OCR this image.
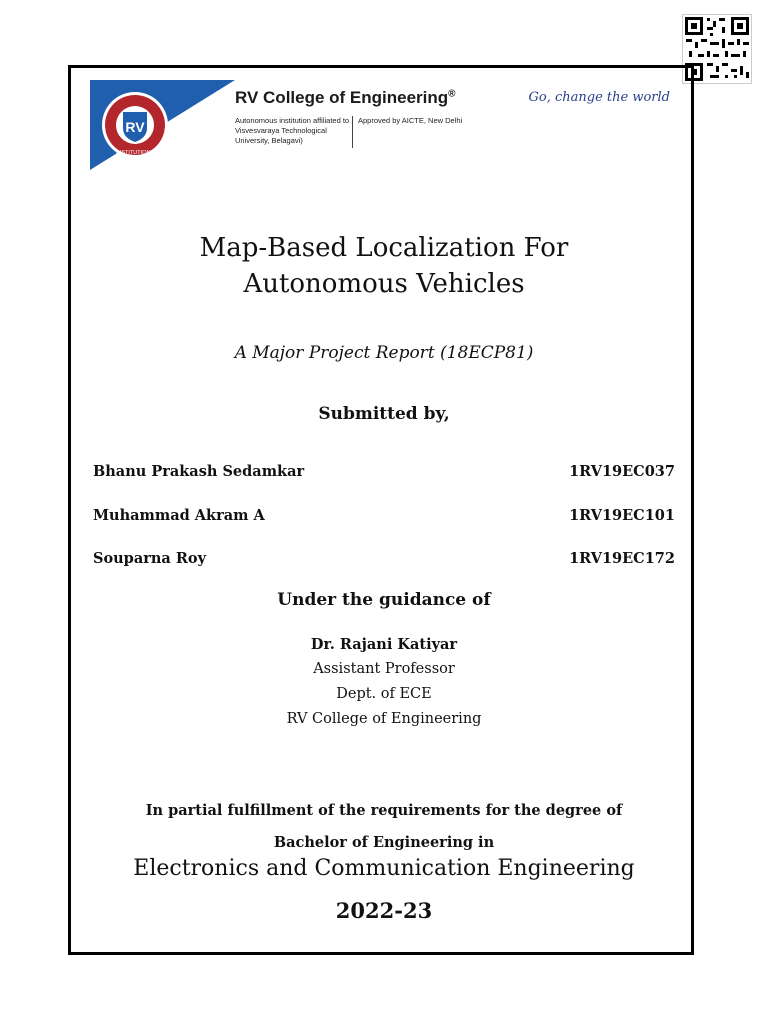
RV
INSTITUTIONS
RV College of Engineering®
Autonomous institution affiliated to Visvesvaraya Technological University, Belagavi)
Approved by AICTE, New Delhi
Go, change the world
Map-Based Localization For
Autonomous Vehicles
A Major Project Report (18ECP81)
Submitted by,
Bhanu Prakash Sedamkar	1RV19EC037
Muhammad Akram A	1RV19EC101
Souparna Roy	1RV19EC172
Under the guidance of
Dr. Rajani Katiyar
Assistant Professor
Dept. of ECE
RV College of Engineering
In partial fulfillment of the requirements for the degree of
Bachelor of Engineering in
Electronics and Communication Engineering
2022-23
